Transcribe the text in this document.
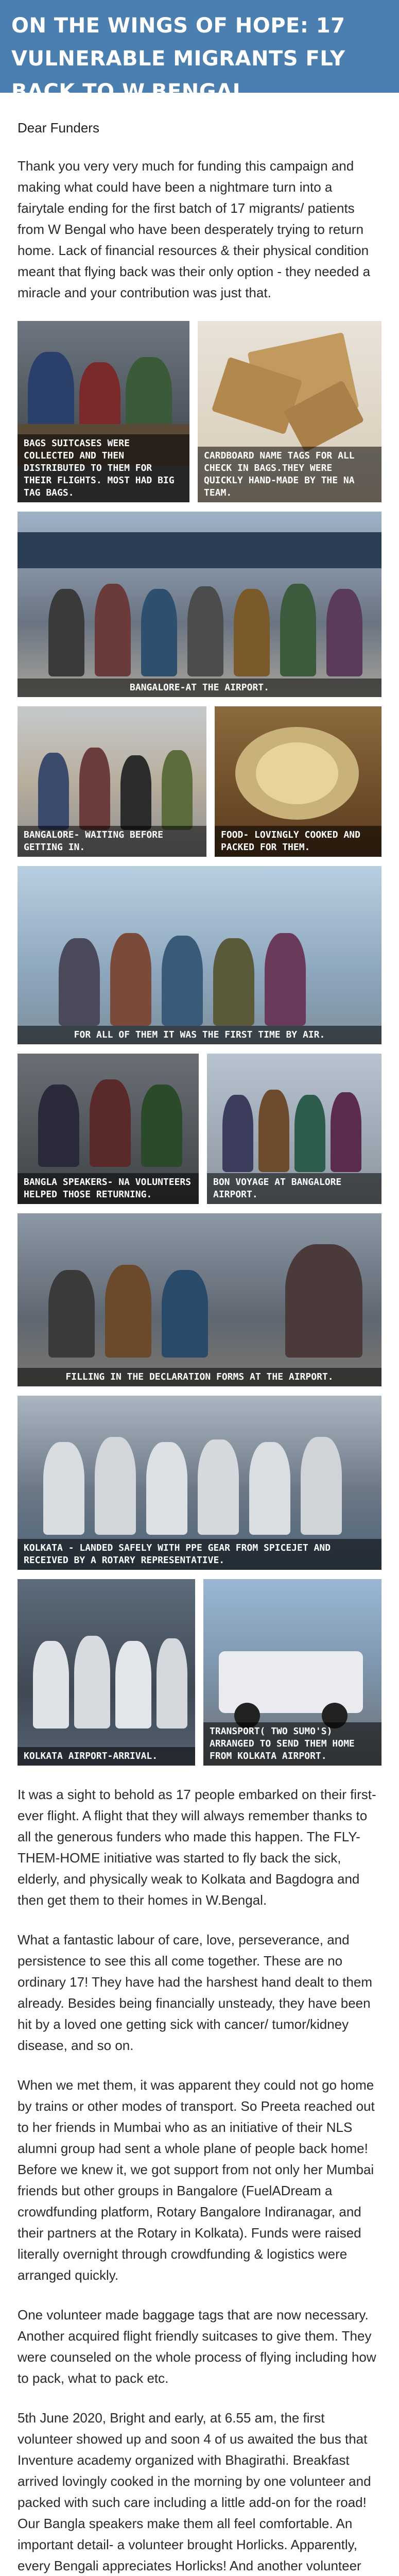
ON THE WINGS OF HOPE: 17 VULNERABLE MIGRANTS FLY BACK TO W.BENGAL.
Dear Funders

Thank you very very much for funding this campaign and making what could have been a nightmare turn into a fairytale ending for the first batch of 17 migrants/ patients from W Bengal who have been desperately trying to return home. Lack of financial resources & their physical condition meant that flying back was their only option - they needed a miracle and your contribution was just that.

BAGS SUITCASES WERE COLLECTED AND THEN DISTRIBUTED TO THEM FOR THEIR FLIGHTS. MOST HAD BIG TAG BAGS.
CARDBOARD NAME TAGS FOR ALL CHECK IN BAGS.THEY WERE QUICKLY HAND-MADE BY THE NA TEAM.
BANGALORE-AT THE AIRPORT.
BANGALORE- WAITING BEFORE GETTING IN.
FOOD- LOVINGLY COOKED AND PACKED FOR THEM.
FOR ALL OF THEM IT WAS THE FIRST TIME BY AIR.
BANGLA SPEAKERS- NA VOLUNTEERS HELPED THOSE RETURNING.
BON VOYAGE AT BANGALORE AIRPORT.
FILLING IN THE DECLARATION FORMS AT THE AIRPORT.
KOLKATA - LANDED SAFELY WITH PPE GEAR FROM SPICEJET AND RECEIVED BY A ROTARY REPRESENTATIVE.
KOLKATA AIRPORT-ARRIVAL.
TRANSPORT( TWO SUMO'S) ARRANGED TO SEND THEM HOME FROM KOLKATA AIRPORT.

It was a sight to behold as 17 people embarked on their first-ever flight. A flight that they will always remember thanks to all the generous funders who made this happen. The FLY-THEM-HOME initiative was started to fly back the sick, elderly, and physically weak to Kolkata and Bagdogra and then get them to their homes in W.Bengal.

What a fantastic labour of care, love, perseverance, and persistence to see this all come together. These are no ordinary 17! They have had the harshest hand dealt to them already. Besides being financially unsteady, they have been hit by a loved one getting sick with cancer/ tumor/kidney disease, and so on.

When we met them, it was apparent they could not go home by trains or other modes of transport. So Preeta reached out to her friends in Mumbai who as an initiative of their NLS alumni group had sent a whole plane of people back home! Before we knew it, we got support from not only her Mumbai friends but other groups in Bangalore (FuelADream a crowdfunding platform, Rotary Bangalore Indiranagar, and their partners at the Rotary in Kolkata). Funds were raised literally overnight through crowdfunding & logistics were arranged quickly.

One volunteer made baggage tags that are now necessary. Another acquired flight friendly suitcases to give them. They were counseled on the whole process of flying including how to pack, what to pack etc.

5th June 2020, Bright and early, at 6.55 am, the first volunteer showed up and soon 4 of us awaited the bus that Inventure academy organized with Bhagirathi. Breakfast arrived lovingly cooked in the morning by one volunteer and packed with such care including a little add-on for the road! Our Bangla speakers make them all feel comfortable. An important detail- a volunteer brought Horlicks. Apparently, every Bengali appreciates Horlicks! And another volunteer
